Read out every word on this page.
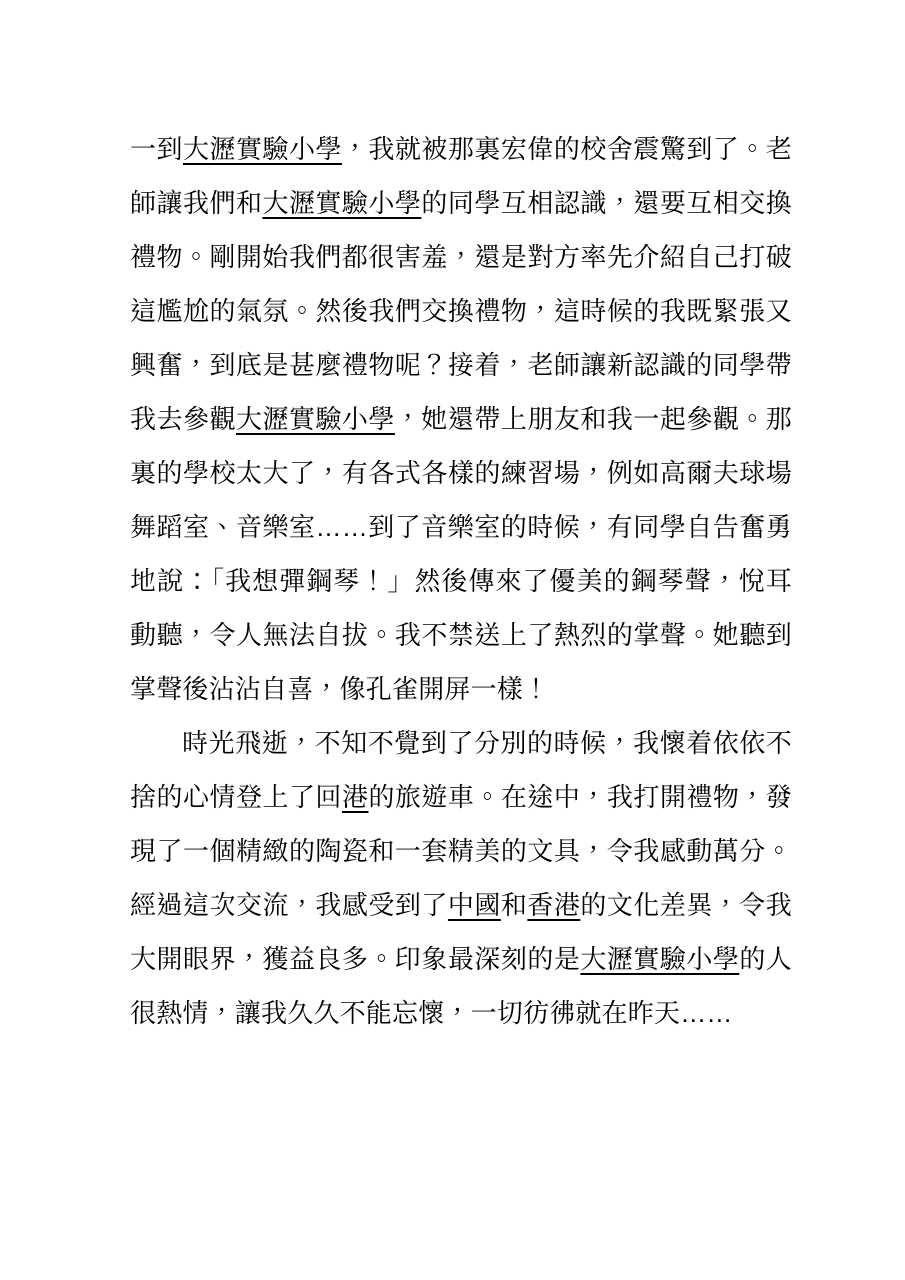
一到大瀝實驗小學，我就被那裏宏偉的校舍震驚到了。老師讓我們和大瀝實驗小學的同學互相認識，還要互相交換禮物。剛開始我們都很害羞，還是對方率先介紹自己打破這尷尬的氣氛。然後我們交換禮物，這時候的我既緊張又興奮，到底是甚麼禮物呢？接着，老師讓新認識的同學帶我去參觀大瀝實驗小學，她還帶上朋友和我一起參觀。那裏的學校太大了，有各式各樣的練習場，例如高爾夫球場舞蹈室、音樂室……到了音樂室的時候，有同學自告奮勇地說：「我想彈鋼琴！」然後傳來了優美的鋼琴聲，悅耳動聽，令人無法自拔。我不禁送上了熱烈的掌聲。她聽到掌聲後沾沾自喜，像孔雀開屏一樣！

時光飛逝，不知不覺到了分別的時候，我懷着依依不捨的心情登上了回港的旅遊車。在途中，我打開禮物，發現了一個精緻的陶瓷和一套精美的文具，令我感動萬分。經過這次交流，我感受到了中國和香港的文化差異，令我大開眼界，獲益良多。印象最深刻的是大瀝實驗小學的人很熱情，讓我久久不能忘懷，一切彷彿就在昨天……
